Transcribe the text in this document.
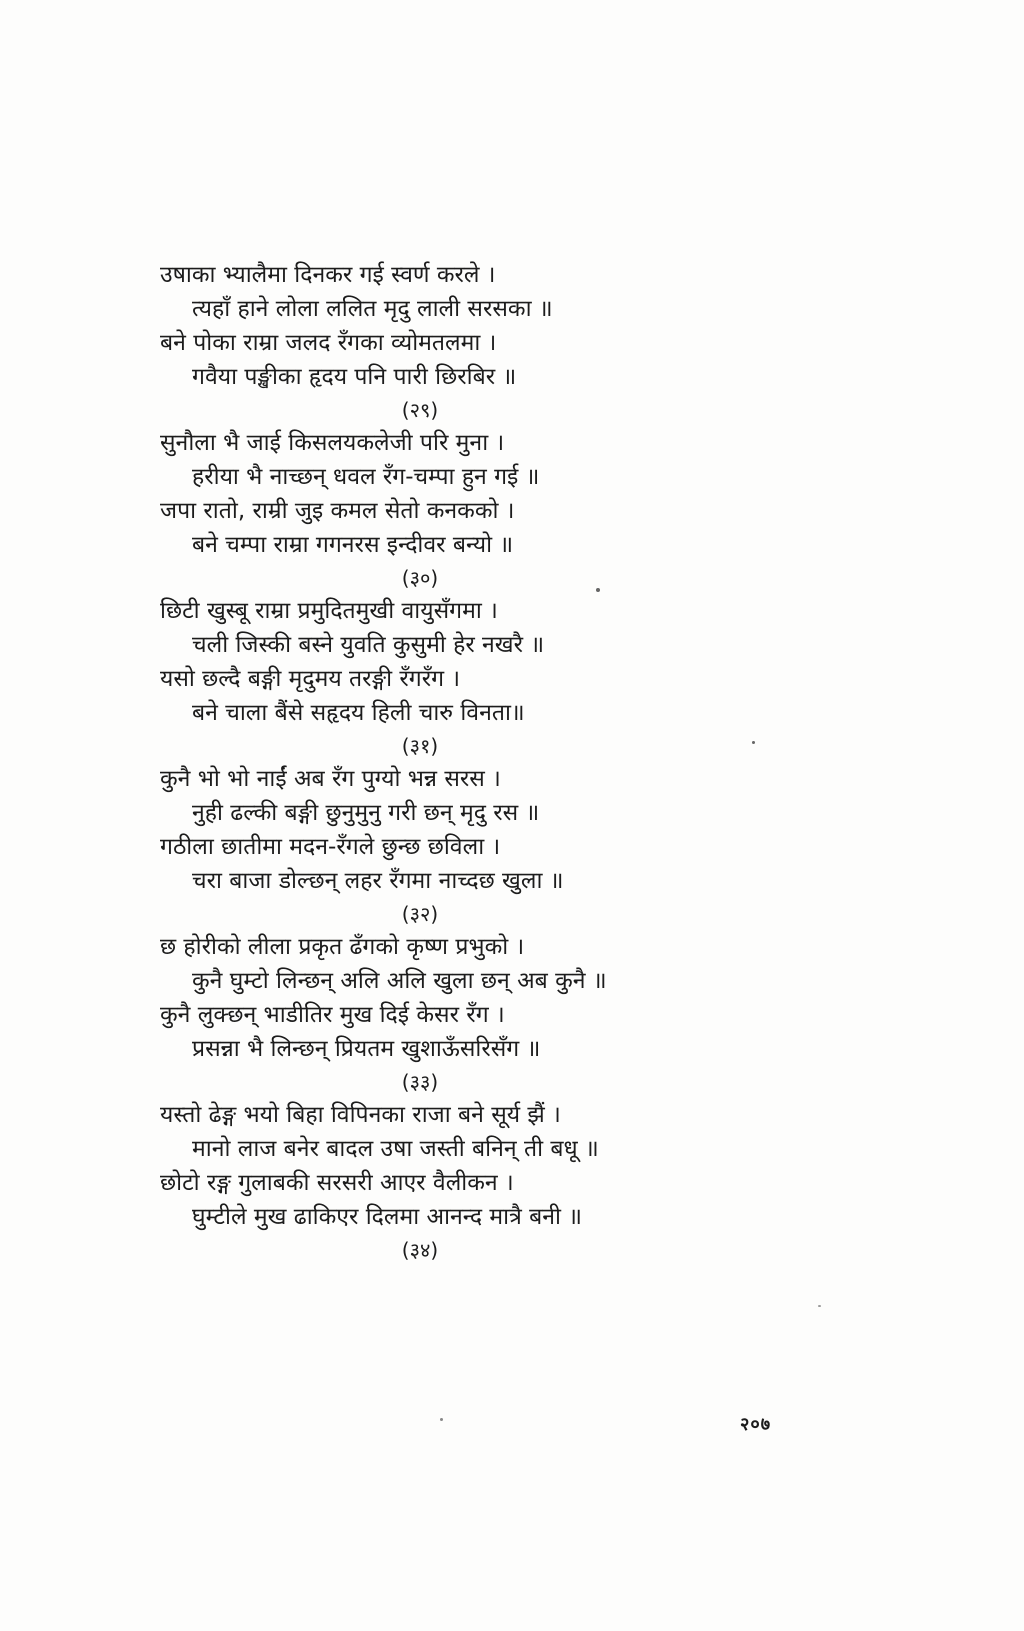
उषाका भ्यालैमा दिनकर गई स्वर्ण करले ।
त्यहाँ हाने लोला ललित मृदु लाली सरसका ॥
बने पोका राम्रा जलद रँगका व्योमतलमा ।
गवैया पङ्खीका हृदय पनि पारी छिरबिर ॥
(२९)
सुनौला भै जाई किसलयकलेजी परि मुना ।
हरीया भै नाच्छन् धवल रँग-चम्पा हुन गई ॥
जपा रातो, राम्री जुइ कमल सेतो कनकको ।
बने चम्पा राम्रा गगनरस इन्दीवर बन्यो ॥
(३०)
छिटी खुस्बू राम्रा प्रमुदितमुखी वायुसँगमा ।
चली जिस्की बस्ने युवति कुसुमी हेर नखरै ॥
यसो छल्दै बङ्गी मृदुमय तरङ्गी रँगरँग ।
बने चाला बैंसे सहृदय हिली चारु विनता॥
(३१)
कुनै भो भो नाईं अब रँग पुग्यो भन्न सरस ।
नुही ढल्की बङ्गी छुनुमुनु गरी छन् मृदु रस ॥
गठीला छातीमा मदन-रँगले छुन्छ छविला ।
चरा बाजा डोल्छन् लहर रँगमा नाच्दछ खुला ॥
(३२)
छ होरीको लीला प्रकृत ढँगको कृष्ण प्रभुको ।
कुनै घुम्टो लिन्छन् अलि अलि खुला छन् अब कुनै ॥
कुनै लुक्छन् भाडीतिर मुख दिई केसर रँग ।
प्रसन्ना भै लिन्छन् प्रियतम खुशाऊँसरिसँग ॥
(३३)
यस्तो ढेङ्ग भयो बिहा विपिनका राजा बने सूर्य झैं ।
मानो लाज बनेर बादल उषा जस्ती बनिन् ती बधू ॥
छोटो रङ्ग गुलाबकी सरसरी आएर वैलीकन ।
घुम्टीले मुख ढाकिएर दिलमा आनन्द मात्रै बनी ॥
(३४)
२०७
